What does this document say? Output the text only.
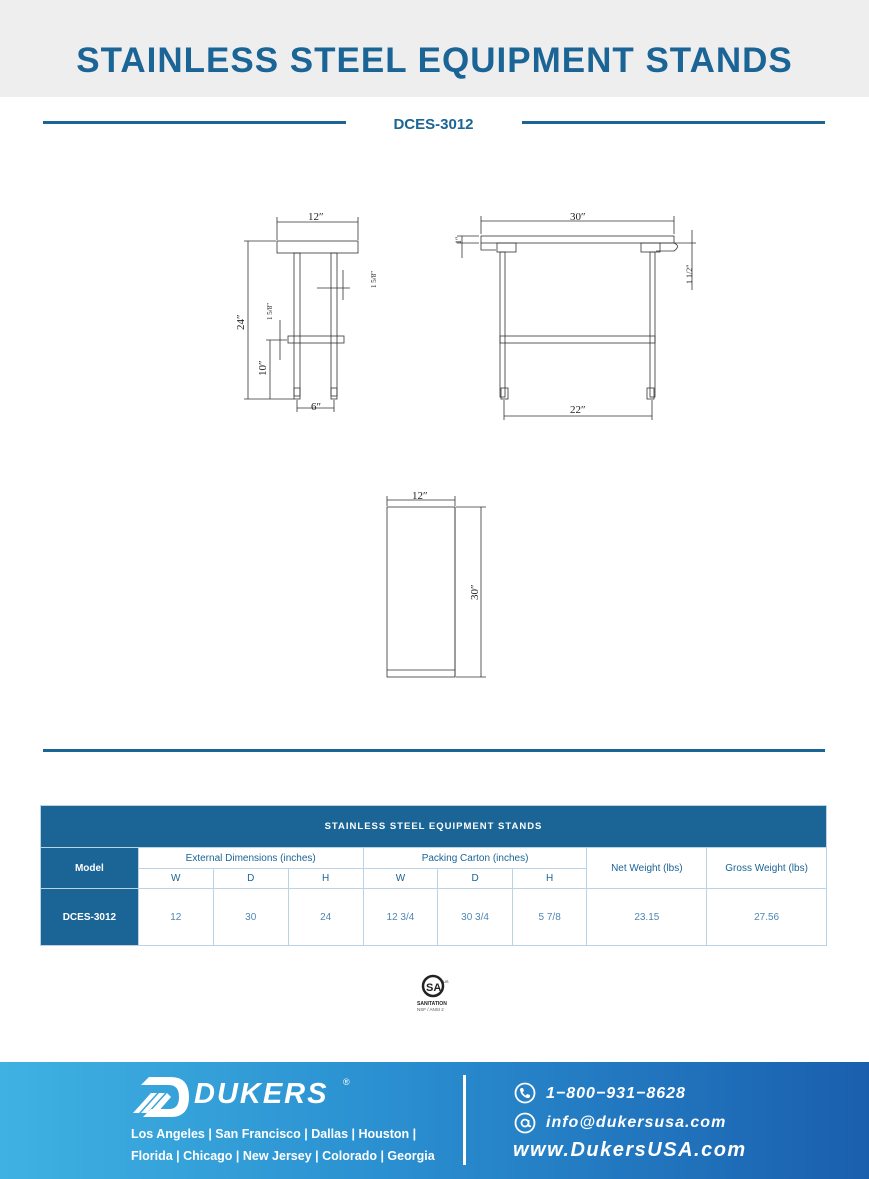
STAINLESS STEEL EQUIPMENT STANDS
DCES-3012
12″
24″
10″
6″
1 5/8″
1 5/8″
30″
1″
22″
1 1/2″
12″
30″
STAINLESS STEEL EQUIPMENT STANDS								
Model	External Dimensions (inches)			Packing Carton (inches)			Net Weight (lbs)	Gross Weight (lbs)
	W	D	H	W	D	H		
DCES-3012	12	30	24	12 3/4	30 3/4	5 7/8	23.15	27.56
SA
US
SANITATION
NSF / ANSI 2
DUKERS ®
Los Angeles | San Francisco | Dallas | Houston |
Florida | Chicago | New Jersey | Colorado | Georgia
1−800−931−8628
info@dukersusa.com
www.DukersUSA.com
